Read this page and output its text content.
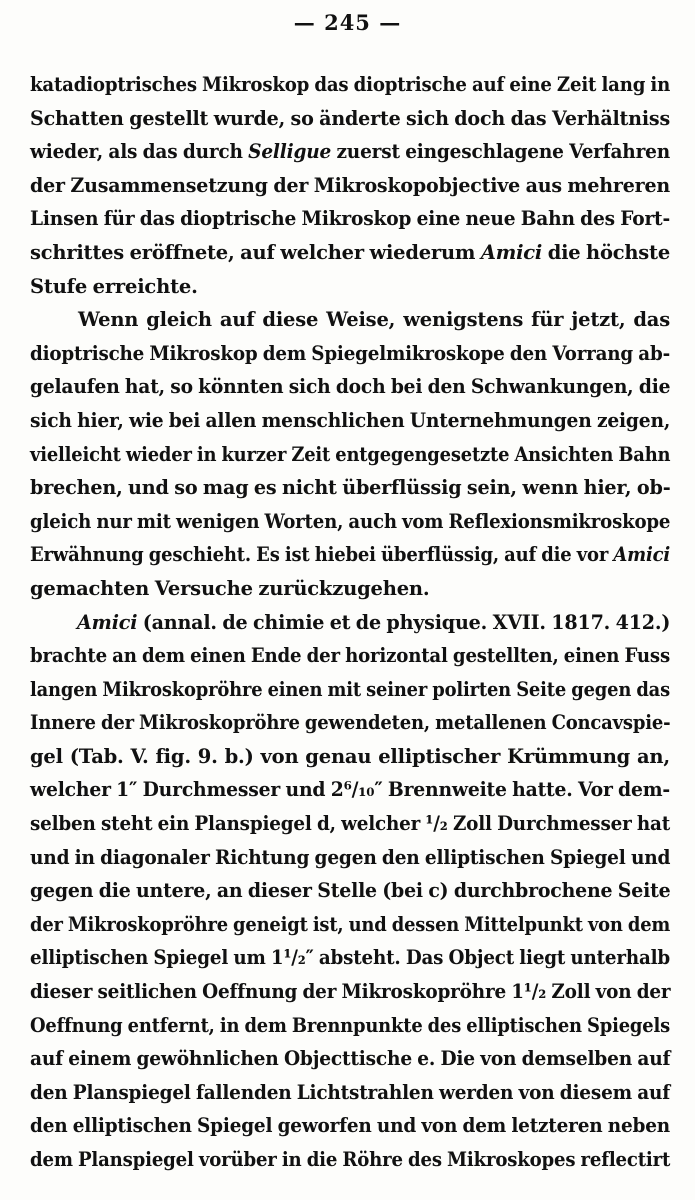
— 245 —
katadioptrisches Mikroskop das dioptrische auf eine Zeit lang in
Schatten gestellt wurde, so änderte sich doch das Verhältniss
wieder, als das durch Selligue zuerst eingeschlagene Verfahren
der Zusammensetzung der Mikroskopobjective aus mehreren
Linsen für das dioptrische Mikroskop eine neue Bahn des Fort-
schrittes eröffnete, auf welcher wiederum Amici die höchste
Stufe erreichte.
Wenn gleich auf diese Weise, wenigstens für jetzt, das
dioptrische Mikroskop dem Spiegelmikroskope den Vorrang ab-
gelaufen hat, so könnten sich doch bei den Schwankungen, die
sich hier, wie bei allen menschlichen Unternehmungen zeigen,
vielleicht wieder in kurzer Zeit entgegengesetzte Ansichten Bahn
brechen, und so mag es nicht überflüssig sein, wenn hier, ob-
gleich nur mit wenigen Worten, auch vom Reflexionsmikroskope
Erwähnung geschieht. Es ist hiebei überflüssig, auf die vor Amici
gemachten Versuche zurückzugehen.
Amici (annal. de chimie et de physique. XVII. 1817. 412.)
brachte an dem einen Ende der horizontal gestellten, einen Fuss
langen Mikroskopröhre einen mit seiner polirten Seite gegen das
Innere der Mikroskopröhre gewendeten, metallenen Concavspie-
gel (Tab. V. fig. 9. b.) von genau elliptischer Krümmung an,
welcher 1″ Durchmesser und 2⁶/₁₀″ Brennweite hatte. Vor dem-
selben steht ein Planspiegel d, welcher ¹/₂ Zoll Durchmesser hat
und in diagonaler Richtung gegen den elliptischen Spiegel und
gegen die untere, an dieser Stelle (bei c) durchbrochene Seite
der Mikroskopröhre geneigt ist, und dessen Mittelpunkt von dem
elliptischen Spiegel um 1¹/₂″ absteht. Das Object liegt unterhalb
dieser seitlichen Oeffnung der Mikroskopröhre 1¹/₂ Zoll von der
Oeffnung entfernt, in dem Brennpunkte des elliptischen Spiegels
auf einem gewöhnlichen Objecttische e. Die von demselben auf
den Planspiegel fallenden Lichtstrahlen werden von diesem auf
den elliptischen Spiegel geworfen und von dem letzteren neben
dem Planspiegel vorüber in die Röhre des Mikroskopes reflectirt
